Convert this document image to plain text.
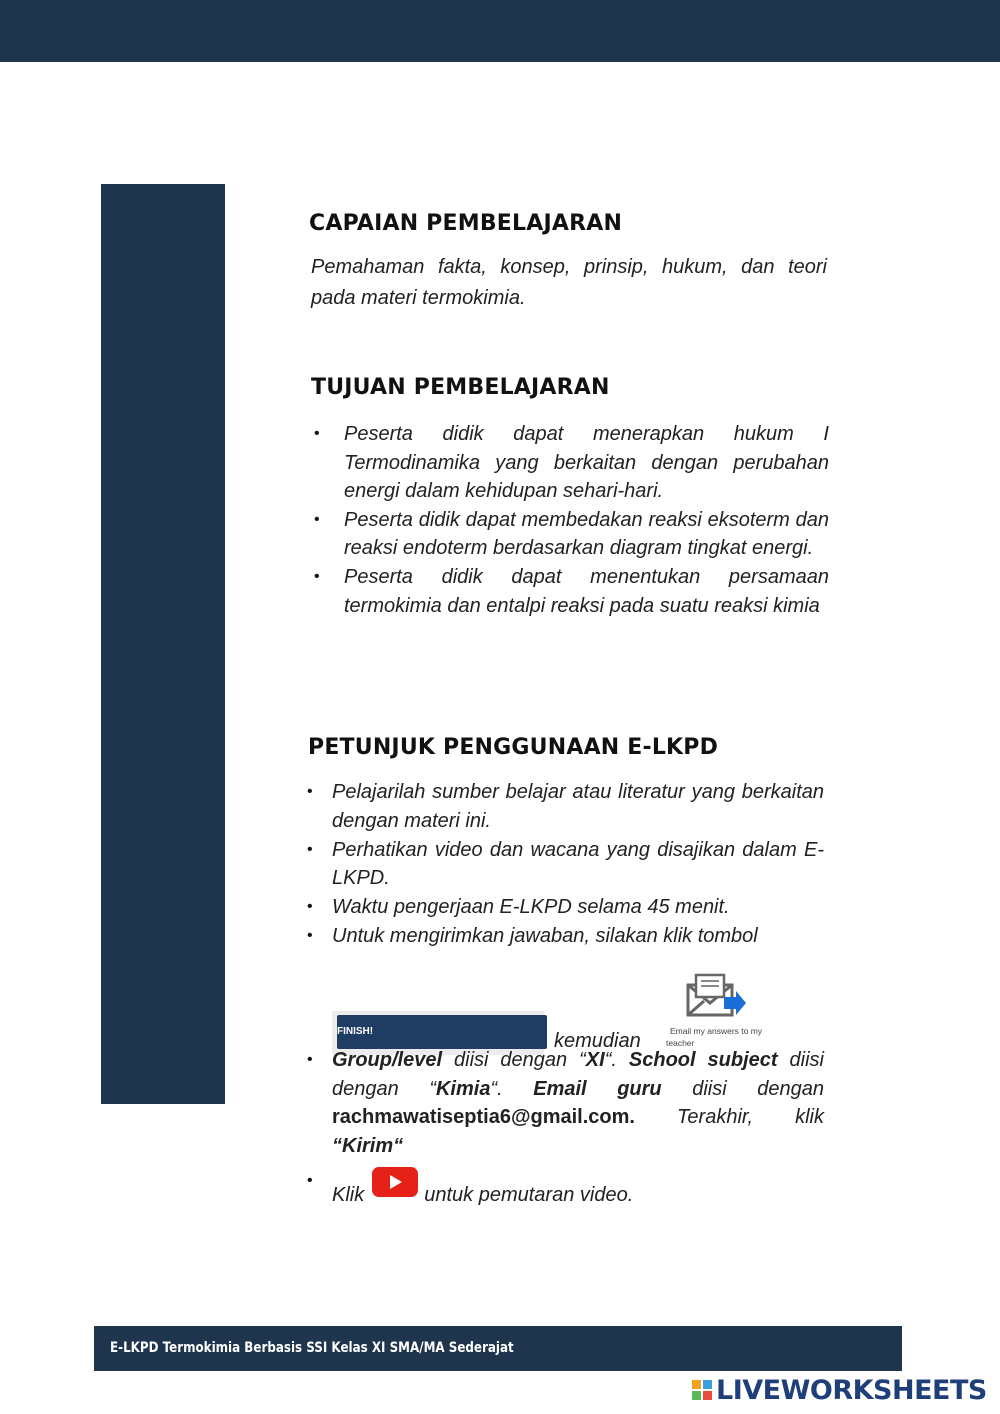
CAPAIAN PEMBELAJARAN

Pemahaman fakta, konsep, prinsip, hukum, dan teori pada materi termokimia.

TUJUAN PEMBELAJARAN
• Peserta didik dapat menerapkan hukum I Termodinamika yang berkaitan dengan perubahan energi dalam kehidupan sehari-hari.
• Peserta didik dapat membedakan reaksi eksoterm dan reaksi endoterm berdasarkan diagram tingkat energi.
• Peserta didik dapat menentukan persamaan termokimia dan entalpi reaksi pada suatu reaksi kimia
PETUNJUK PENGGUNAAN E-LKPD
• Pelajarilah sumber belajar atau literatur yang berkaitan dengan materi ini.
• Perhatikan video dan wacana yang disajikan dalam E-LKPD.
• Waktu pengerjaan E-LKPD selama 45 menit.
• Untuk mengirimkan jawaban, silakan klik tombol
FINISH!	kemudian	Email my answers to my teacher
• Group/level diisi dengan “XI“. School subject diisi dengan “Kimia“. Email guru diisi dengan rachmawatiseptia6@gmail.com. Terakhir, klik “Kirim“
• Klik	untuk pemutaran video.
E-LKPD Termokimia Berbasis SSI Kelas XI SMA/MA Sederajat
LIVEWORKSHEETS
